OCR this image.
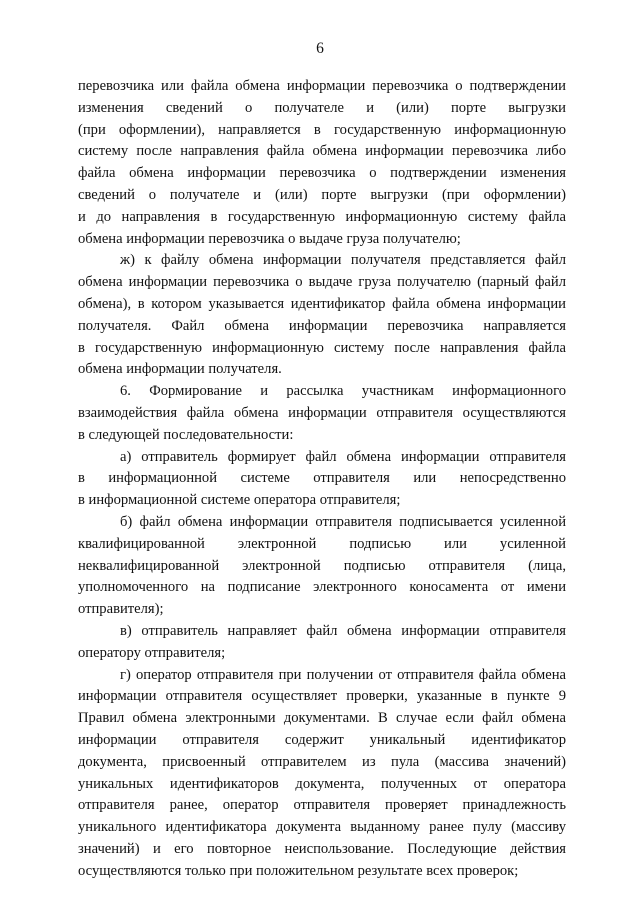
6

перевозчика или файла обмена информации перевозчика о подтверждении
изменения сведений о получателе и (или) порте выгрузки
(при оформлении), направляется в государственную информационную
систему после направления файла обмена информации перевозчика либо
файла обмена информации перевозчика о подтверждении изменения
сведений о получателе и (или) порте выгрузки (при оформлении)
и до направления в государственную информационную систему файла
обмена информации перевозчика о выдаче груза получателю;

ж) к файлу обмена информации получателя представляется файл
обмена информации перевозчика о выдаче груза получателю (парный файл
обмена), в котором указывается идентификатор файла обмена информации
получателя. Файл обмена информации перевозчика направляется
в государственную информационную систему после направления файла
обмена информации получателя.

6. Формирование и рассылка участникам информационного
взаимодействия файла обмена информации отправителя осуществляются
в следующей последовательности:

а) отправитель формирует файл обмена информации отправителя
в информационной системе отправителя или непосредственно
в информационной системе оператора отправителя;

б) файл обмена информации отправителя подписывается усиленной
квалифицированной электронной подписью или усиленной
неквалифицированной электронной подписью отправителя (лица,
уполномоченного на подписание электронного коносамента от имени
отправителя);

в) отправитель направляет файл обмена информации отправителя
оператору отправителя;

г) оператор отправителя при получении от отправителя файла обмена
информации отправителя осуществляет проверки, указанные в пункте 9
Правил обмена электронными документами. В случае если файл обмена
информации отправителя содержит уникальный идентификатор
документа, присвоенный отправителем из пула (массива значений)
уникальных идентификаторов документа, полученных от оператора
отправителя ранее, оператор отправителя проверяет принадлежность
уникального идентификатора документа выданному ранее пулу (массиву
значений) и его повторное неиспользование. Последующие действия
осуществляются только при положительном результате всех проверок;
